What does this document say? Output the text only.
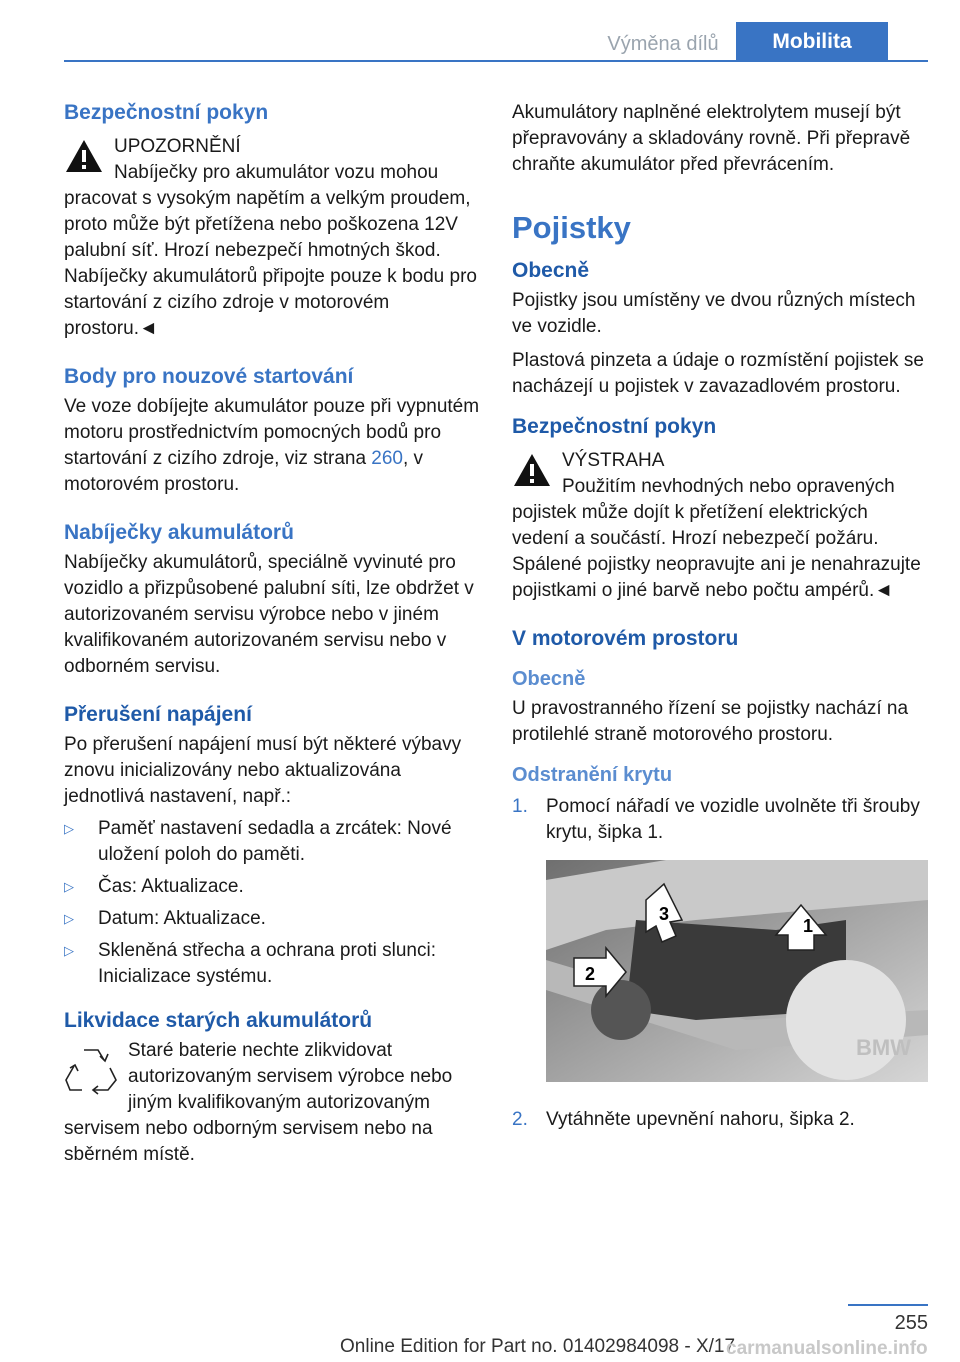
Výměna dílů	Mobilita
Bezpečnostní pokyn

UPOZORNĚNÍ

Nabíječky pro akumulátor vozu mohou pracovat s vysokým napětím a velkým proudem, proto může být přetížena nebo poškozena 12V palubní síť. Hrozí nebezpečí hmotných škod. Nabíječky akumulátorů připojte pouze k bodu pro startování z cizího zdroje v motorovém prostoru.◄

Body pro nouzové startování

Ve voze dobíjejte akumulátor pouze při vypnutém motoru prostřednictvím pomocných bodů pro startování z cizího zdroje, viz strana 260, v motorovém prostoru.

Nabíječky akumulátorů

Nabíječky akumulátorů, speciálně vyvinuté pro vozidlo a přizpůsobené palubní síti, lze obdržet v autorizovaném servisu výrobce nebo v jiném kvalifikovaném autorizovaném servisu nebo v odborném servisu.

Přerušení napájení

Po přerušení napájení musí být některé výbavy znovu inicializovány nebo aktualizována jednotlivá nastavení, např.:

▷ Paměť nastavení sedadla a zrcátek: Nové uložení poloh do paměti.
▷ Čas: Aktualizace.
▷ Datum: Aktualizace.
▷ Skleněná střecha a ochrana proti slunci: Inicializace systému.
Likvidace starých akumulátorů

Staré baterie nechte zlikvidovat autorizovaným servisem výrobce nebo jiným kvalifikovaným autorizovaným servisem nebo odborným servisem nebo na sběrném místě.

Akumulátory naplněné elektrolytem musejí být přepravovány a skladovány rovně. Při přepravě chraňte akumulátor před převrácením.

Pojistky
Obecně

Pojistky jsou umístěny ve dvou různých místech ve vozidle.

Plastová pinzeta a údaje o rozmístění pojistek se nacházejí u pojistek v zavazadlovém prostoru.

Bezpečnostní pokyn

VÝSTRAHA

Použitím nevhodných nebo opravených pojistek může dojít k přetížení elektrických vedení a součástí. Hrozí nebezpečí požáru. Spálené pojistky neopravujte ani je nenahrazujte pojistkami o jiné barvě nebo počtu ampérů.◄

V motorovém prostoru
Obecně

U pravostranného řízení se pojistky nachází na protilehlé straně motorového prostoru.

Odstranění krytu
1. Pomocí nářadí ve vozidle uvolněte tři šrouby krytu, šipka 1.
BMW
1
2
3
2. Vytáhněte upevnění nahoru, šipka 2.
255
Online Edition for Part no. 01402984098 - X/17
carmanualsonline.info
